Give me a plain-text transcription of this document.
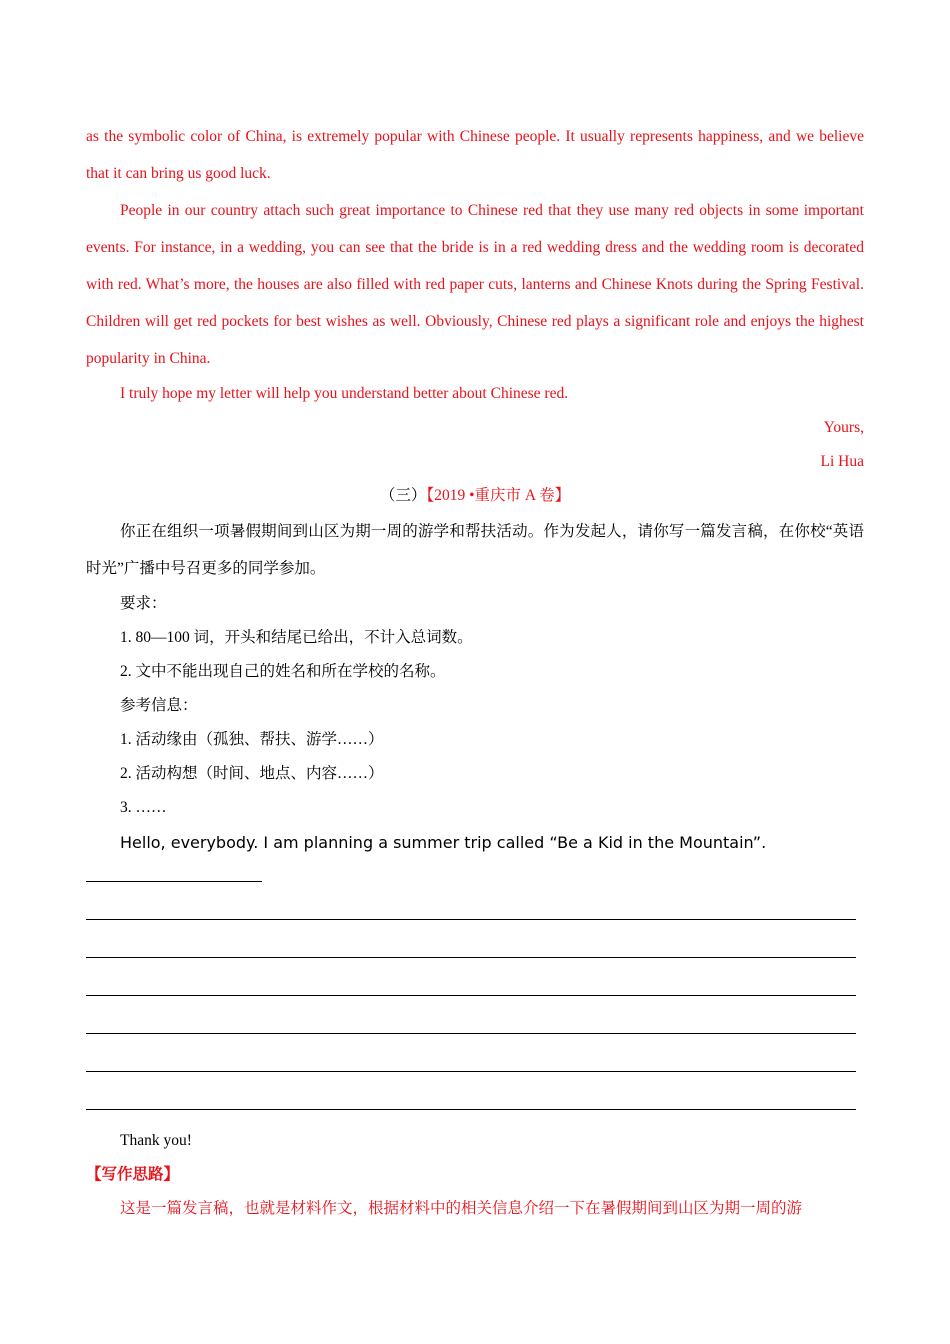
as the symbolic color of China, is extremely popular with Chinese people. It usually represents happiness, and we believe that it can bring us good luck.

People in our country attach such great importance to Chinese red that they use many red objects in some important events. For instance, in a wedding, you can see that the bride is in a red wedding dress and the wedding room is decorated with red. What’s more, the houses are also filled with red paper cuts, lanterns and Chinese Knots during the Spring Festival. Children will get red pockets for best wishes as well. Obviously, Chinese red plays a significant role and enjoys the highest popularity in China.

I truly hope my letter will help you understand better about Chinese red.

Yours,

Li Hua

（三）【2019 •重庆市 A 卷】

你正在组织一项暑假期间到山区为期一周的游学和帮扶活动。作为发起人，请你写一篇发言稿，在你校“英语时光”广播中号召更多的同学参加。

要求：

1. 80—100 词，开头和结尾已给出，不计入总词数。

2. 文中不能出现自己的姓名和所在学校的名称。

参考信息：

1. 活动缘由（孤独、帮扶、游学……）

2. 活动构想（时间、地点、内容……）

3. ……

Hello, everybody. I am planning a summer trip called “Be a Kid in the Mountain”.

Thank you!

【写作思路】

这是一篇发言稿，也就是材料作文，根据材料中的相关信息介绍一下在暑假期间到山区为期一周的游
